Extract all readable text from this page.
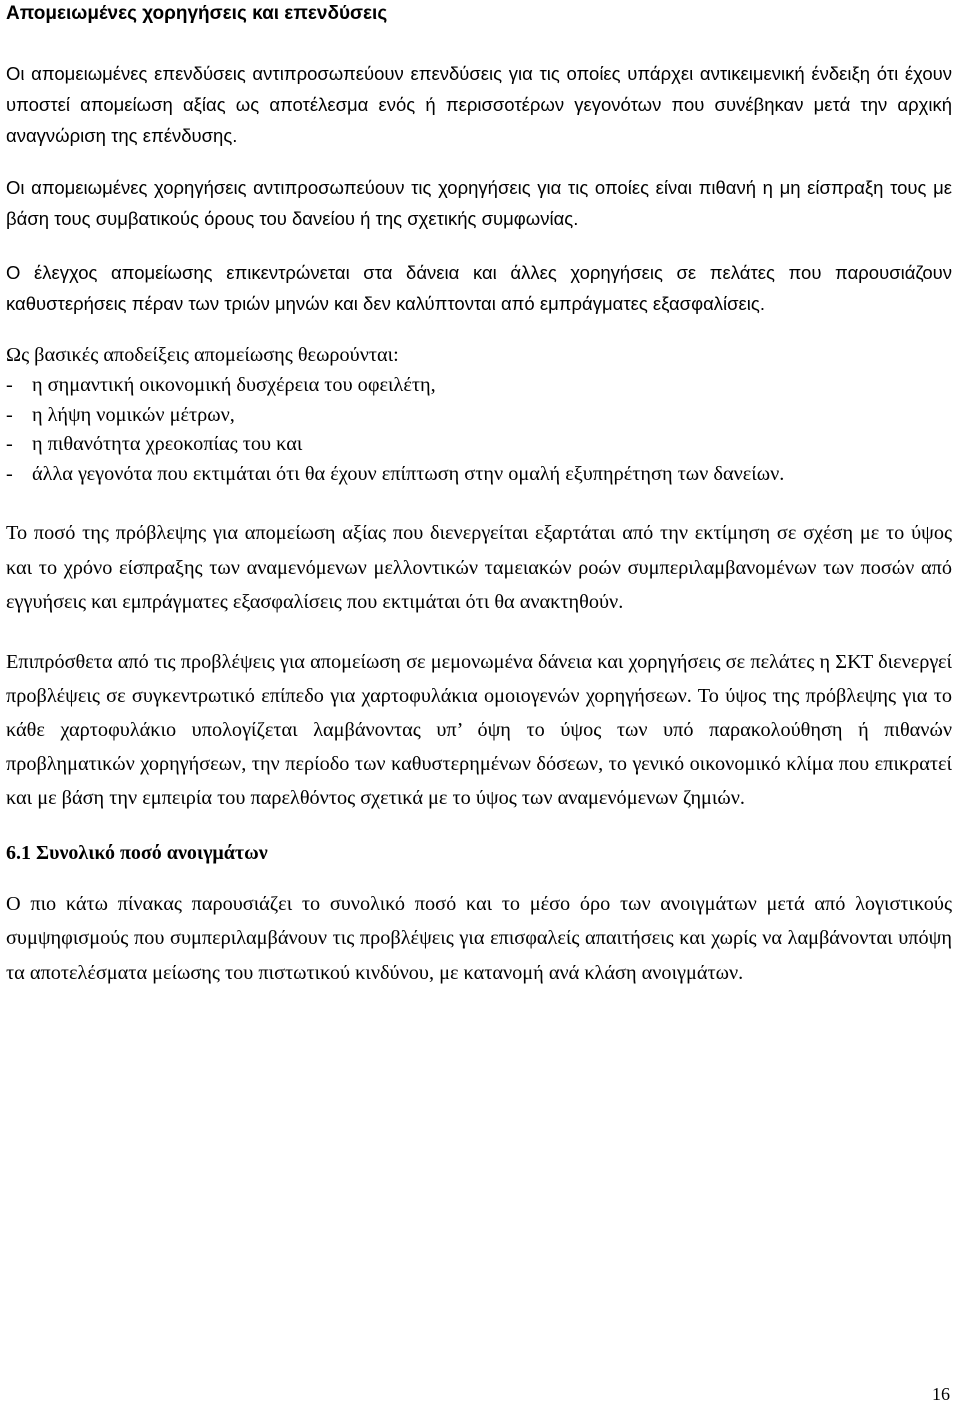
Απομειωμένες χορηγήσεις και επενδύσεις

Οι απομειωμένες επενδύσεις αντιπροσωπεύουν επενδύσεις για τις οποίες υπάρχει αντικειμενική ένδειξη ότι έχουν υποστεί απομείωση αξίας ως αποτέλεσμα ενός ή περισσοτέρων γεγονότων που συνέβηκαν μετά την αρχική αναγνώριση της επένδυσης.

Οι απομειωμένες χορηγήσεις αντιπροσωπεύουν τις χορηγήσεις για τις οποίες είναι πιθανή η μη είσπραξη τους με βάση τους συμβατικούς όρους του δανείου ή της σχετικής συμφωνίας.

Ο έλεγχος απομείωσης επικεντρώνεται στα δάνεια και άλλες χορηγήσεις σε πελάτες που παρουσιάζουν καθυστερήσεις πέραν των τριών μηνών και δεν καλύπτονται από εμπράγματες εξασφαλίσεις.

Ως βασικές αποδείξεις απομείωσης θεωρούνται:

- η σημαντική οικονομική δυσχέρεια του οφειλέτη,
- η λήψη νομικών μέτρων,
- η πιθανότητα χρεοκοπίας του και
- άλλα γεγονότα που εκτιμάται ότι θα έχουν επίπτωση στην ομαλή εξυπηρέτηση των δανείων.

Το ποσό της πρόβλεψης για απομείωση αξίας που διενεργείται εξαρτάται από την εκτίμηση σε σχέση με το ύψος και το χρόνο είσπραξης των αναμενόμενων μελλοντικών ταμειακών ροών συμπεριλαμβανομένων των ποσών από εγγυήσεις και εμπράγματες εξασφαλίσεις που εκτιμάται ότι θα ανακτηθούν.

Επιπρόσθετα από τις προβλέψεις για απομείωση σε μεμονωμένα δάνεια και χορηγήσεις σε πελάτες η ΣΚΤ διενεργεί προβλέψεις σε συγκεντρωτικό επίπεδο για χαρτοφυλάκια ομοιογενών χορηγήσεων. Το ύψος της πρόβλεψης για το κάθε χαρτοφυλάκιο υπολογίζεται λαμβάνοντας υπ’ όψη το ύψος των υπό παρακολούθηση ή πιθανών προβληματικών χορηγήσεων, την περίοδο των καθυστερημένων δόσεων, το γενικό οικονομικό κλίμα που επικρατεί και με βάση την εμπειρία του παρελθόντος σχετικά με το ύψος των αναμενόμενων ζημιών.

6.1 Συνολικό ποσό ανοιγμάτων

Ο πιο κάτω πίνακας παρουσιάζει το συνολικό ποσό και το μέσο όρο των ανοιγμάτων μετά από λογιστικούς συμψηφισμούς που συμπεριλαμβάνουν τις προβλέψεις για επισφαλείς απαιτήσεις και χωρίς να λαμβάνονται υπόψη τα αποτελέσματα μείωσης του πιστωτικού κινδύνου, με κατανομή ανά κλάση ανοιγμάτων.

16
